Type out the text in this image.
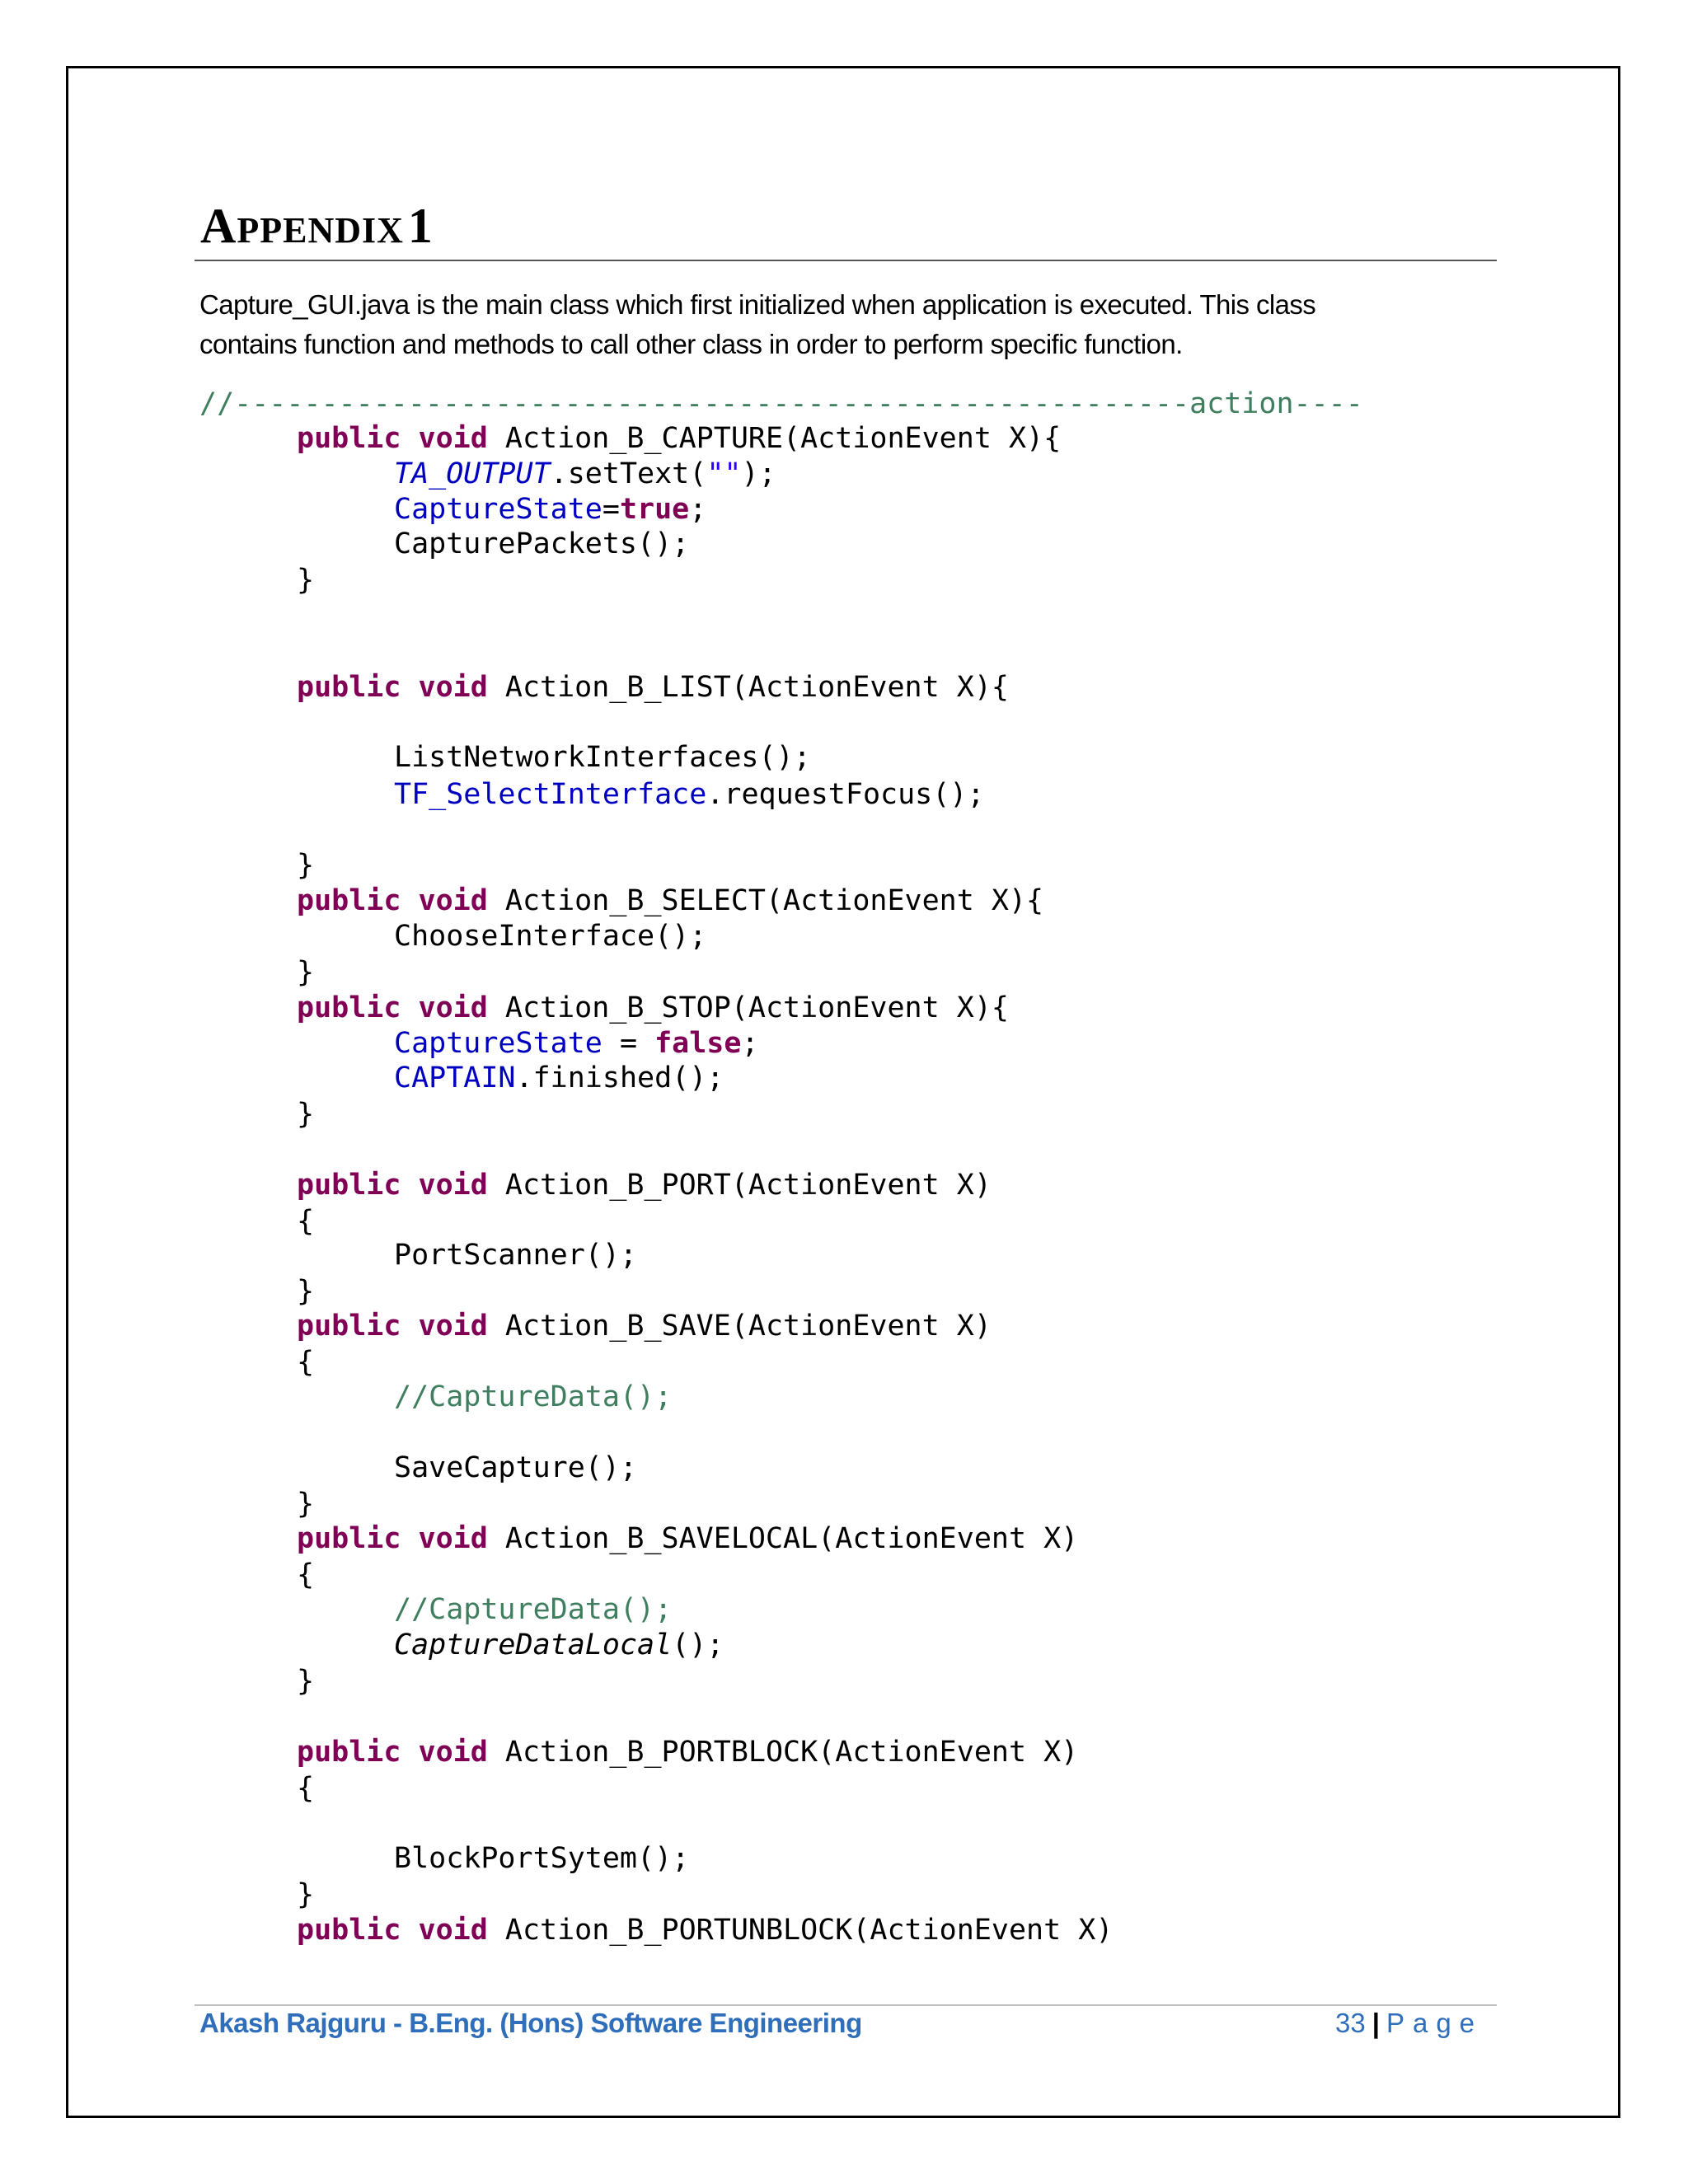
APPENDIX 1

Capture_GUI.java is the main class which first initialized when application is executed. This class

contains function and methods to call other class in order to perform specific function.

//-------------------------------------------------------action----

public void Action_B_CAPTURE(ActionEvent X){

TA_OUTPUT.setText("");

CaptureState=true;

CapturePackets();

}

public void Action_B_LIST(ActionEvent X){

ListNetworkInterfaces();

TF_SelectInterface.requestFocus();

}

public void Action_B_SELECT(ActionEvent X){

ChooseInterface();

}

public void Action_B_STOP(ActionEvent X){

CaptureState = false;

CAPTAIN.finished();

}

public void Action_B_PORT(ActionEvent X)

{

PortScanner();

}

public void Action_B_SAVE(ActionEvent X)

{

//CaptureData();

SaveCapture();

}

public void Action_B_SAVELOCAL(ActionEvent X)

{

//CaptureData();

CaptureDataLocal();

}

public void Action_B_PORTBLOCK(ActionEvent X)

{

BlockPortSytem();

}

public void Action_B_PORTUNBLOCK(ActionEvent X)

Akash Rajguru - B.Eng. (Hons) Software Engineering	33 | Page
